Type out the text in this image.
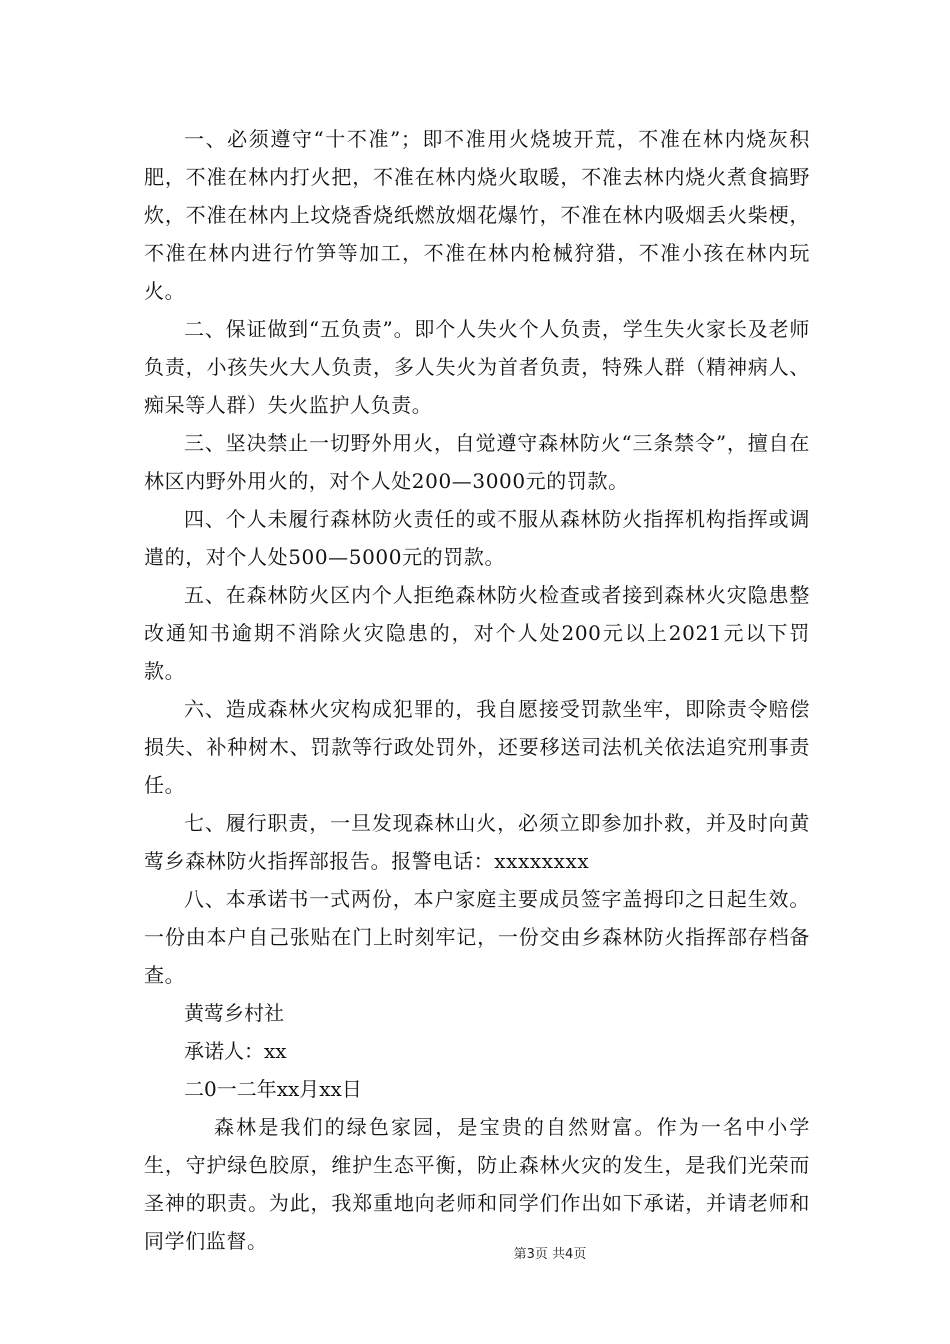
一、必须遵守“十不准”；即不准用火烧坡开荒，不准在林内烧灰积肥，不准在林内打火把，不准在林内烧火取暖，不准去林内烧火煮食搞野炊，不准在林内上坟烧香烧纸燃放烟花爆竹，不准在林内吸烟丢火柴梗，不准在林内进行竹笋等加工，不准在林内枪械狩猎，不准小孩在林内玩火。

二、保证做到“五负责”。即个人失火个人负责，学生失火家长及老师负责，小孩失火大人负责，多人失火为首者负责，特殊人群（精神病人、痴呆等人群）失火监护人负责。

三、坚决禁止一切野外用火，自觉遵守森林防火“三条禁令”，擅自在林区内野外用火的，对个人处200—3000元的罚款。

四、个人未履行森林防火责任的或不服从森林防火指挥机构指挥或调遣的，对个人处500—5000元的罚款。

五、在森林防火区内个人拒绝森林防火检查或者接到森林火灾隐患整改通知书逾期不消除火灾隐患的，对个人处200元以上2021元以下罚款。

六、造成森林火灾构成犯罪的，我自愿接受罚款坐牢，即除责令赔偿损失、补种树木、罚款等行政处罚外，还要移送司法机关依法追究刑事责任。

七、履行职责，一旦发现森林山火，必须立即参加扑救，并及时向黄莺乡森林防火指挥部报告。报警电话：xxxxxxxx

八、本承诺书一式两份，本户家庭主要成员签字盖拇印之日起生效。一份由本户自己张贴在门上时刻牢记，一份交由乡森林防火指挥部存档备查。

黄莺乡村社

承诺人：xx

二0一二年xx月xx日

森林是我们的绿色家园，是宝贵的自然财富。作为一名中小学生，守护绿色胶原，维护生态平衡，防止森林火灾的发生，是我们光荣而圣神的职责。为此，我郑重地向老师和同学们作出如下承诺，并请老师和同学们监督。

第3页 共4页
